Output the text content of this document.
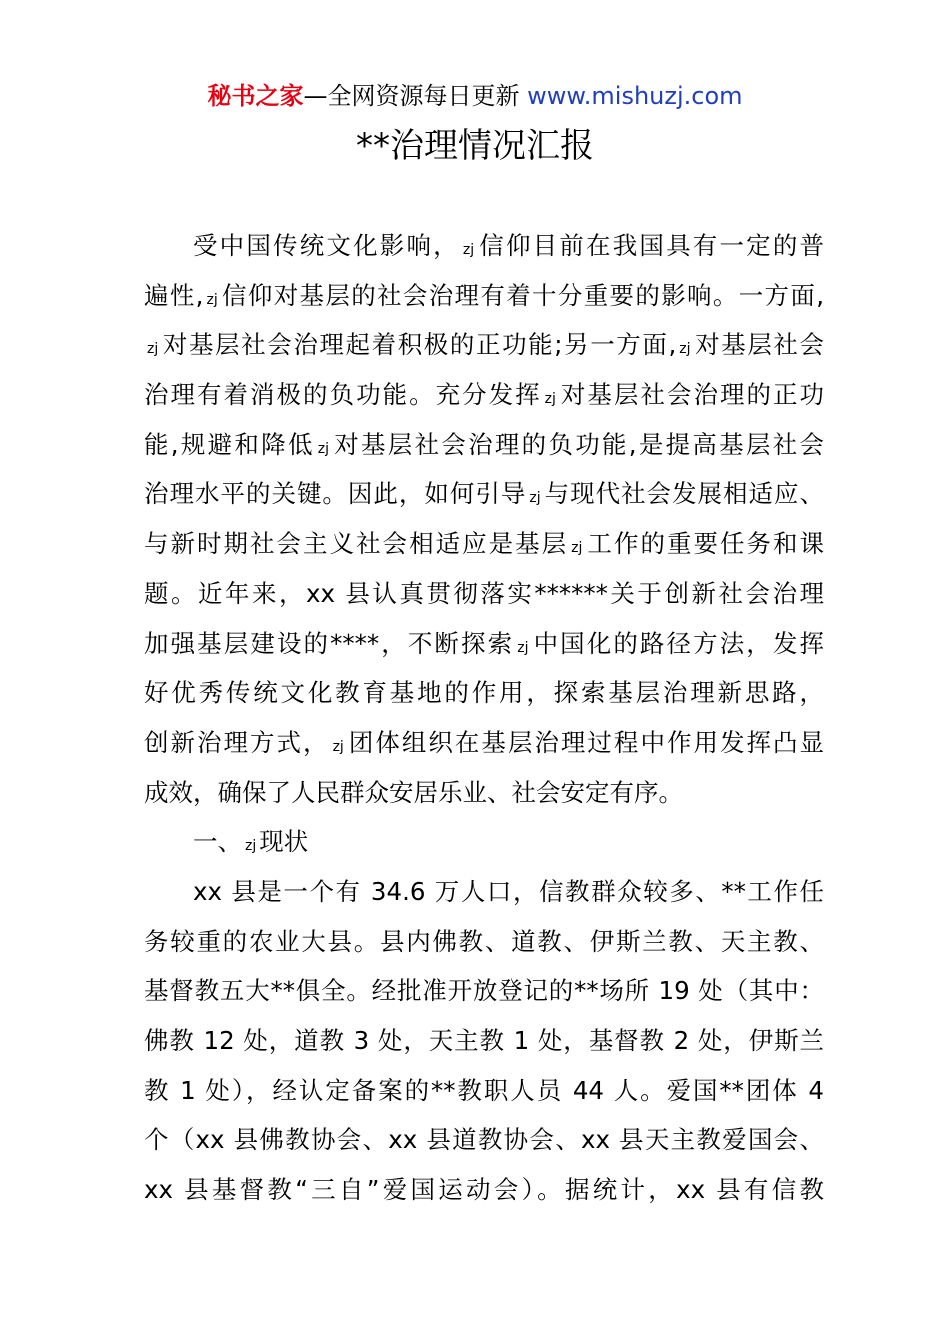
秘书之家—全网资源每日更新 www.mishuzj.com
**治理情况汇报
受中国传统文化影响， zj 信仰目前在我国具有一定的普
遍性, zj 信仰对基层的社会治理有着十分重要的影响。一方面,
zj 对基层社会治理起着积极的正功能;另一方面, zj 对基层社会
治理有着消极的负功能。充分发挥 zj 对基层社会治理的正功
能,规避和降低 zj 对基层社会治理的负功能,是提高基层社会
治理水平的关键。因此，如何引导 zj 与现代社会发展相适应、
与新时期社会主义社会相适应是基层 zj 工作的重要任务和课
题。近年来，xx 县认真贯彻落实******关于创新社会治理
加强基层建设的****，不断探索 zj 中国化的路径方法，发挥
好优秀传统文化教育基地的作用，探索基层治理新思路，
创新治理方式， zj 团体组织在基层治理过程中作用发挥凸显
成效，确保了人民群众安居乐业、社会安定有序。
一、 zj 现状
xx 县是一个有 34.6 万人口，信教群众较多、**工作任
务较重的农业大县。县内佛教、道教、伊斯兰教、天主教、
基督教五大**俱全。经批准开放登记的**场所 19 处（其中：
佛教 12 处，道教 3 处，天主教 1 处，基督教 2 处，伊斯兰
教 1 处），经认定备案的**教职人员 44 人。爱国**团体 4
个（xx 县佛教协会、xx 县道教协会、xx 县天主教爱国会、
xx 县基督教“三自”爱国运动会）。据统计，xx 县有信教
